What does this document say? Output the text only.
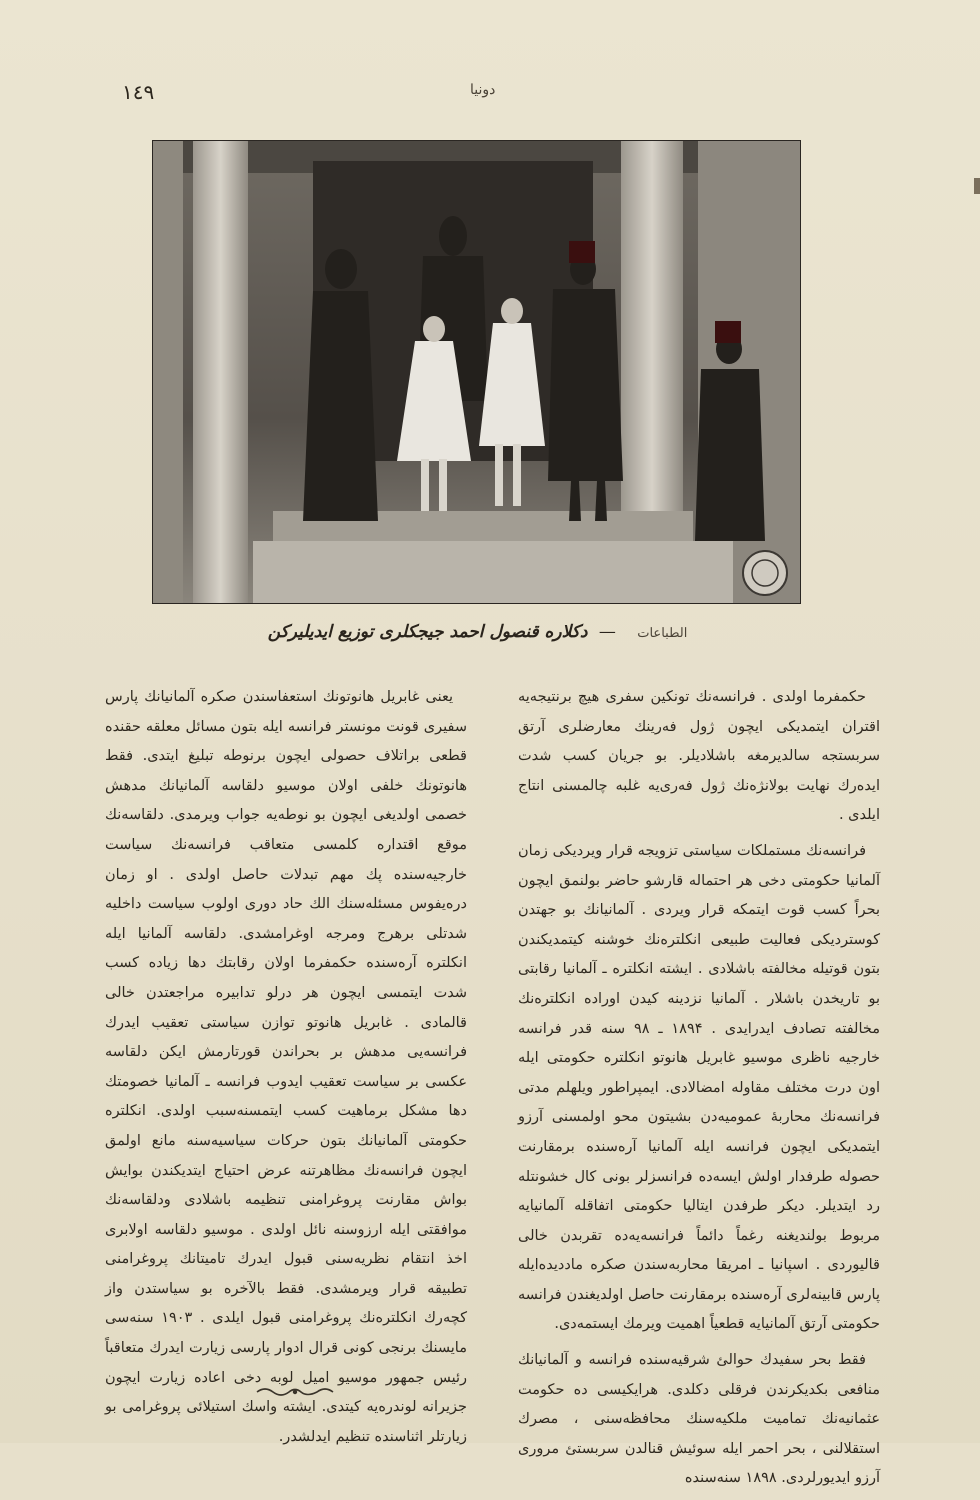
١٤٩	دونیا
الطباعات — دکلاره قنصول احمد جیجکلری توزیع ایدیلیرکن

حکمفرما اولدی . فرانسه‌نك تونکین سفری هیچ برنتیجه‌یه اقتران ایتمدیکی ایچون ژول فه‌رینك معارضلری آرتق سربستجه سالدیرمغه باشلادیلر. بو جریان کسب شدت ایده‌رك نهایت بولانژه‌نك ژول فه‌ری‌یه غلبه چالمسنی انتاج ایلدی .

فرانسه‌نك مستملکات سیاستی تزویجه قرار ویردیکی زمان آلمانیا حکومتی دخی هر احتماله قارشو حاضر بولنمق ایچون بحراً کسب قوت ایتمکه قرار ویردی . آلمانیانك بو جهتدن کوستردیکی فعالیت طبیعی انکلتره‌نك خوشنه کیتمدیکندن بتون قوتیله مخالفته باشلادی . ایشته انکلتره ـ آلمانیا رقابتی بو تاریخدن باشلار . آلمانیا نزدینه کیدن اوراده انکلتره‌نك مخالفته تصادف ایدرایدی . ۱۸۹۴ ـ ۹۸ سنه قدر فرانسه خارجیه ناظری موسیو غابریل هانوتو انکلتره حکومتی ایله اون درت مختلف مقاوله امضالادی. ایمپراطور ویلهلم مدتی فرانسه‌نك محاربهٔ عمومیه‌دن بشیتون محو اولمسنی آرزو ایتمدیکی ایچون فرانسه ایله آلمانیا آره‌سنده برمقارنت حصوله طرفدار اولش ایسه‌ده فرانسزلر بونی کال خشونتله رد ایتدیلر. دیکر طرفدن ایتالیا حکومتی اتفاقله آلمانیایه مربوط بولندیغنه رغماً دائماً فرانسه‌یه‌ده تقربدن خالی قالیوردی . اسپانیا ـ امریقا محاربه‌سندن صکره ماددیده‌ایله پارس قابینه‌لری آره‌سنده برمقارنت حاصل اولدیغندن فرانسه حکومتی آرتق آلمانیا‌یه قطعیاً اهمیت ویرمك ایستمه‌دی.

فقط بحر سفیدك حوالئ شرقیه‌سنده فرانسه و آلمانیانك منافعی بکدیکرندن فرقلی دکلدی. هرایکیسی ده حکومت عثمانیه‌نك تمامیت ملکیه‌سنك محافظه‌سنی ، مصرك استقلالنی ، بحر احمر ایله سوئیش قنالدن سربستئ مروری آرزو ایدیورلردی. ۱۸۹۸ سنه‌سنده

یعنی غابریل هانوتونك استعفاسندن صکره آلمانیانك پارس سفیری قونت مونستر فرانسه ایله بتون مسائل معلقه حقنده قطعی براتلاف حصولی ایچون برنوطه تبلیغ ایتدی. فقط هانوتونك خلفی اولان موسیو دلقاسه آلمانیانك مدهش خصمی اولدیغی ایچون بو نوطه‌یه جواب ویرمدی. دلقاسه‌نك موقع اقتداره کلمسی متعاقب فرانسه‌نك سیاست خارجیه‌سنده پك مهم تبدلات حاصل اولدی . او زمان دره‌یفوس مسئله‌سنك الك حاد دوری اولوب سیاست داخلیه شدتلی برهرج ومرجه اوغرامشدی. دلقاسه آلمانیا ایله انکلتره آره‌سنده حکمفرما اولان رقابتك دها زیاده کسب شدت ایتمسی ایچون هر درلو تدابیره مراجعتدن خالی قالمادی . غابریل هانوتو توازن سیاستی تعقیب ایدرك فرانسه‌یی مدهش بر بحراندن قورتارمش ایکن دلقاسه عکسی بر سیاست تعقیب ایدوب فرانسه ـ آلمانیا خصومتك دها مشکل برماهیت کسب ایتمسنه‌سبب اولدی. انکلتره حکومتی آلمانیانك بتون حرکات سیاسیه‌سنه مانع اولمق ایچون فرانسه‌نك مظاهرتنه عرض احتیاج ایتدیکندن بوایش بواش مقارنت پروغرامنی تنظیمه باشلادی ودلقاسه‌نك موافقتی ایله ارزوسنه نائل اولدی . موسیو دلقاسه اولابری اخذ انتقام نظریه‌سنی قبول ایدرك تامیتانك پروغرامنی تطبیقه قرار ویرمشدی. فقط بالآخره بو سیاستدن واز کچه‌رك انکلتره‌نك پروغرامنی قبول ایلدی . ۱۹۰۳ سنه‌سی مایسنك برنجی کونی قرال ادوار پارسی زیارت ایدرك متعاقباً رئیس جمهور موسیو امیل لوبه دخی اعاده زیارت ایچون جزیرانه لوندره‌یه کیتدی. ایشته واسك استیلائی پروغرامی بو زیارتلر اثناسنده تنظیم ایدلشدر.
